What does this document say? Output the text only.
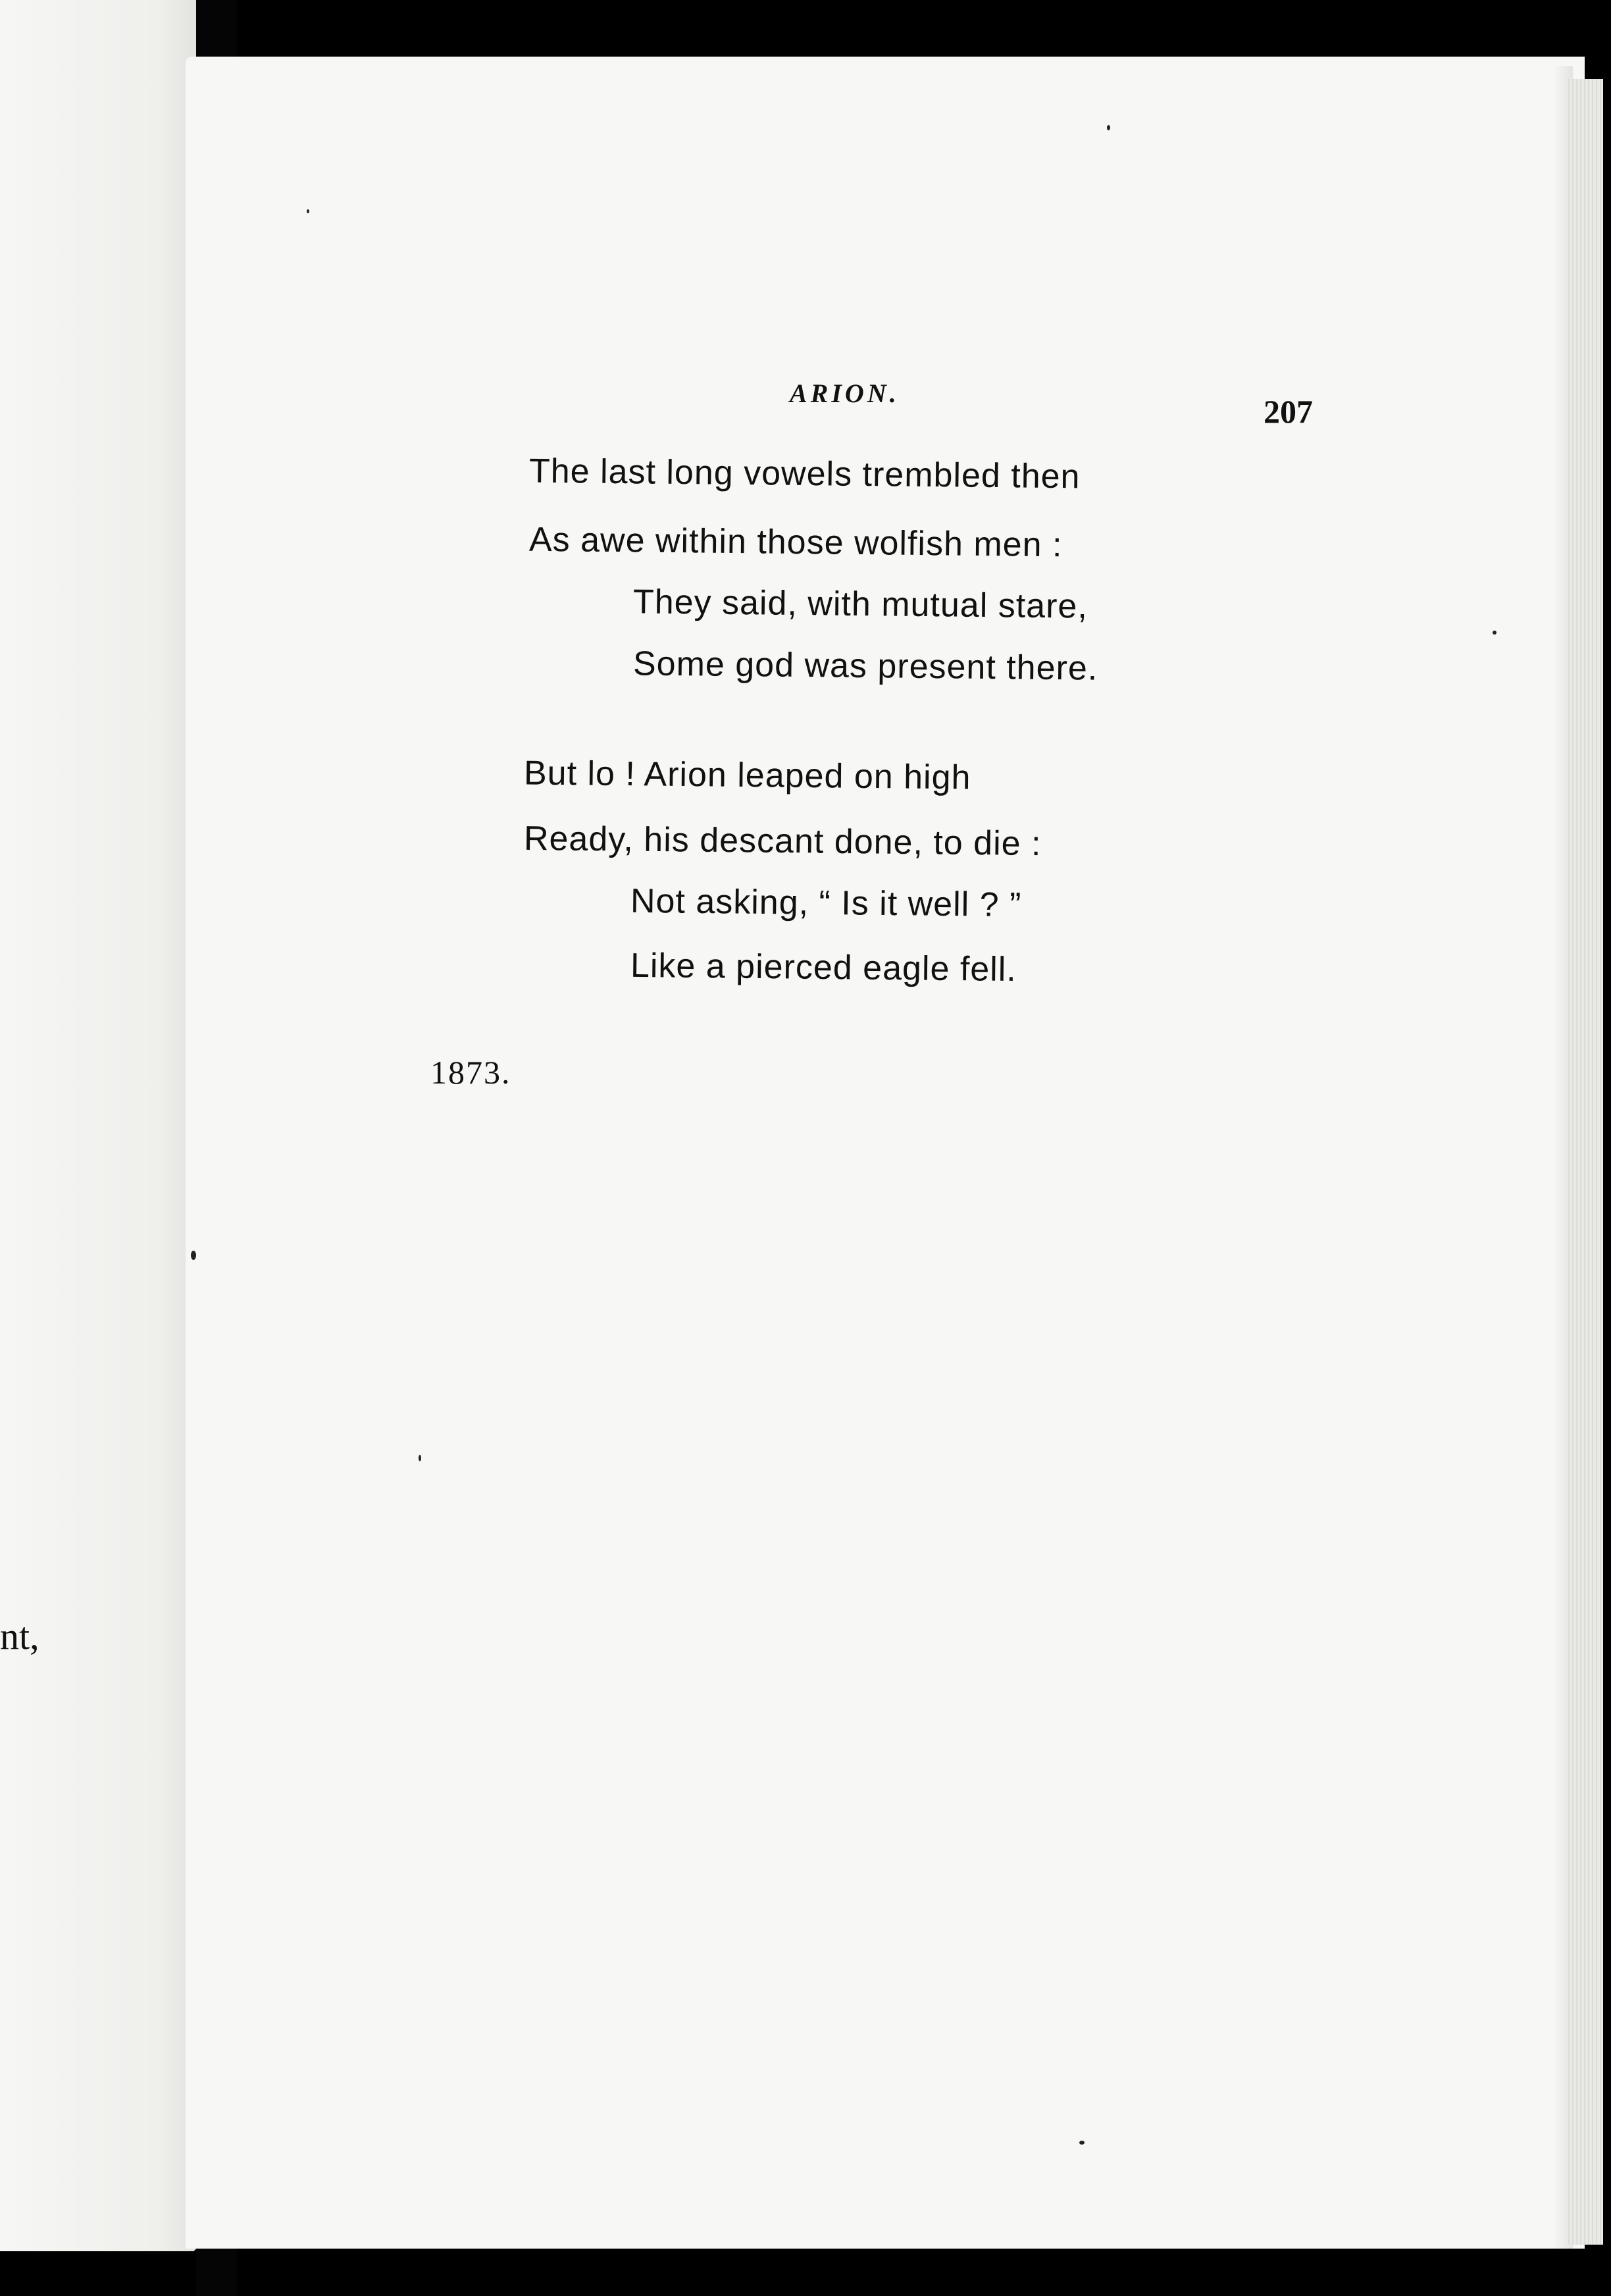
nt,
ARION.	207
The last long vowels trembled then
As awe within those wolfish men :
They said, with mutual stare,
Some god was present there.
But lo ! Arion leaped on high
Ready, his descant done, to die :
Not asking, “ Is it well ? ”
Like a pierced eagle fell.
1873.
